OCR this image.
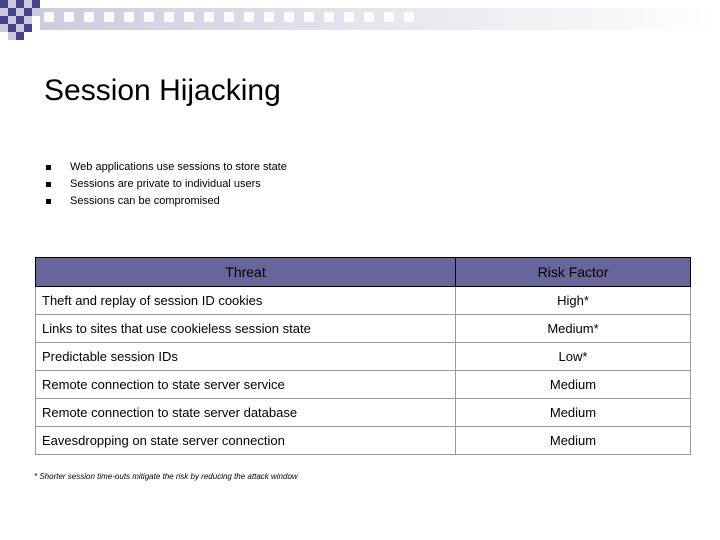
Session Hijacking
Web applications use sessions to store state
Sessions are private to individual users
Sessions can be compromised
Threat	Risk Factor
Theft and replay of session ID cookies	High*
Links to sites that use cookieless session state	Medium*
Predictable session IDs	Low*
Remote connection to state server service	Medium
Remote connection to state server database	Medium
Eavesdropping on state server connection	Medium
* Shorter session time-outs mitigate the risk by reducing the attack window
